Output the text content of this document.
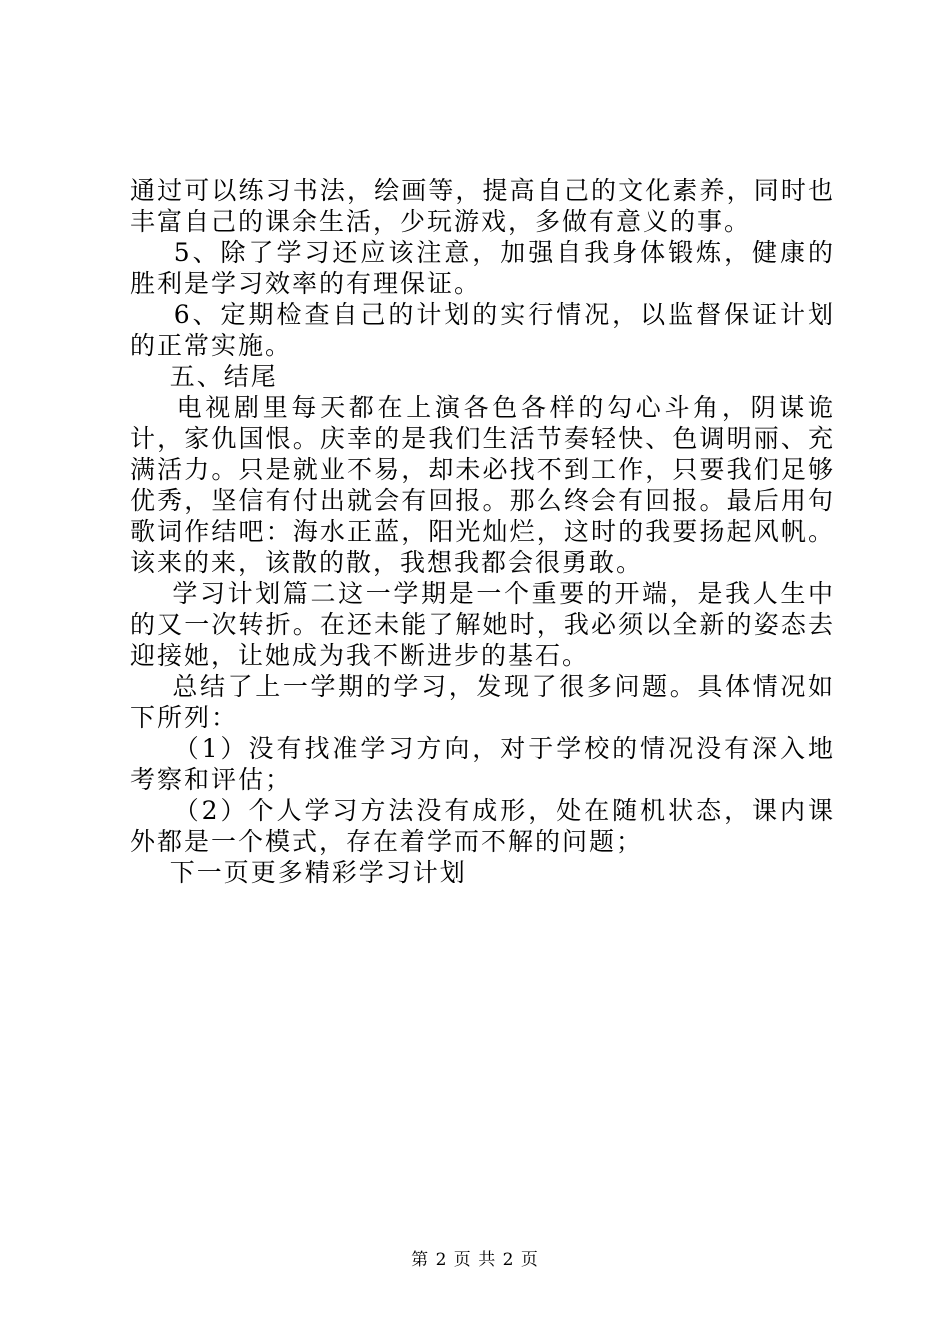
通过可以练习书法，绘画等，提高自己的文化素养，同时也丰富自己的课余生活，少玩游戏，多做有意义的事。

5、除了学习还应该注意，加强自我身体锻炼，健康的胜利是学习效率的有理保证。

6、定期检查自己的计划的实行情况，以监督保证计划的正常实施。

五、结尾

电视剧里每天都在上演各色各样的勾心斗角，阴谋诡计，家仇国恨。庆幸的是我们生活节奏轻快、色调明丽、充满活力。只是就业不易，却未必找不到工作，只要我们足够优秀，坚信有付出就会有回报。那么终会有回报。最后用句歌词作结吧：海水正蓝，阳光灿烂，这时的我要扬起风帆。该来的来，该散的散，我想我都会很勇敢。

学习计划篇二这一学期是一个重要的开端，是我人生中的又一次转折。在还未能了解她时，我必须以全新的姿态去迎接她，让她成为我不断进步的基石。

总结了上一学期的学习，发现了很多问题。具体情况如下所列：

（1）没有找准学习方向，对于学校的情况没有深入地考察和评估；

（2）个人学习方法没有成形，处在随机状态，课内课外都是一个模式，存在着学而不解的问题；

下一页更多精彩学习计划

第 2 页 共 2 页
